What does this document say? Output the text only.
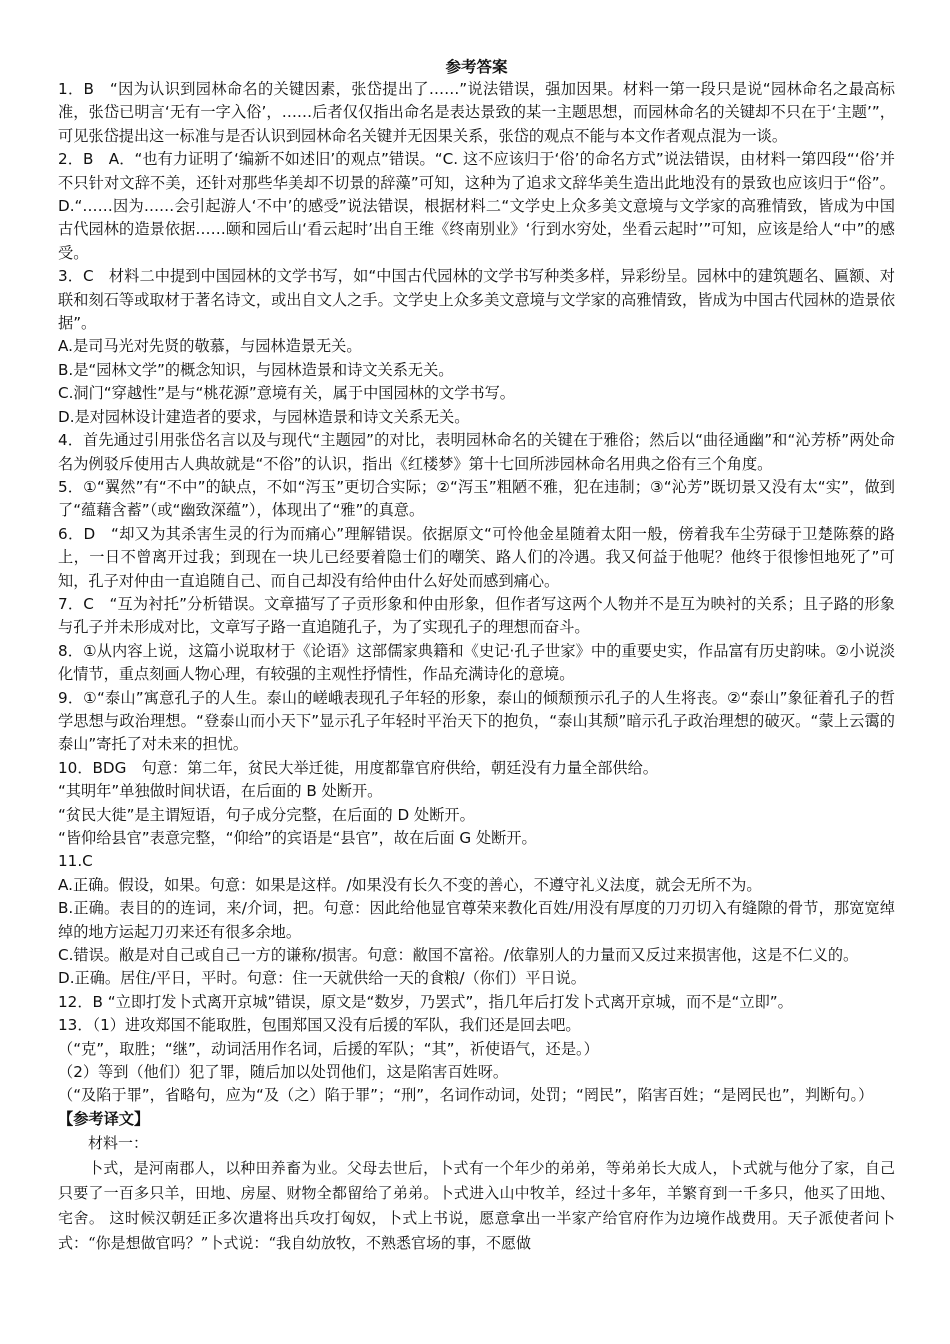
参考答案

1．B　“因为认识到园林命名的关键因素，张岱提出了……”说法错误，强加因果。材料一第一段只是说“园林命名之最高标准，张岱已明言‘无有一字入俗’，……后者仅仅指出命名是表达景致的某一主题思想，而园林命名的关键却不只在于‘主题’”，可见张岱提出这一标准与是否认识到园林命名关键并无因果关系，张岱的观点不能与本文作者观点混为一谈。

2．B　A．“也有力证明了‘编新不如述旧’的观点”错误。“C. 这不应该归于‘俗’的命名方式”说法错误，由材料一第四段“‘俗’并不只针对文辞不美，还针对那些华美却不切景的辞藻”可知，这种为了追求文辞华美生造出此地没有的景致也应该归于“俗”。 D.“……因为……会引起游人‘不中’的感受”说法错误，根据材料二“文学史上众多美文意境与文学家的高雅情致，皆成为中国古代园林的造景依据……颐和园后山‘看云起时’出自王维《终南别业》‘行到水穷处，坐看云起时’”可知，应该是给人“中”的感受。

3．C　材料二中提到中国园林的文学书写，如“中国古代园林的文学书写种类多样，异彩纷呈。园林中的建筑题名、匾额、对联和刻石等或取材于著名诗文，或出自文人之手。文学史上众多美文意境与文学家的高雅情致，皆成为中国古代园林的造景依据”。

A.是司马光对先贤的敬慕，与园林造景无关。

B.是“园林文学”的概念知识，与园林造景和诗文关系无关。

C.洞门“穿越性”是与“桃花源”意境有关，属于中国园林的文学书写。

D.是对园林设计建造者的要求，与园林造景和诗文关系无关。

4．首先通过引用张岱名言以及与现代“主题园”的对比，表明园林命名的关键在于雅俗；然后以“曲径通幽”和“沁芳桥”两处命名为例驳斥使用古人典故就是“不俗”的认识，指出《红楼梦》第十七回所涉园林命名用典之俗有三个角度。

5．①“翼然”有“不中”的缺点，不如“泻玉”更切合实际；②“泻玉”粗陋不雅，犯在违制；③“沁芳”既切景又没有太“实”，做到了“蕴藉含蓄”（或“幽致深蕴”），体现出了“雅”的真意。

6．D　“却又为其杀害生灵的行为而痛心”理解错误。依据原文“可怜他金星随着太阳一般，傍着我车尘劳碌于卫楚陈蔡的路上，一日不曾离开过我；到现在一块儿已经要着隐士们的嘲笑、路人们的冷遇。我又何益于他呢？他终于很惨怛地死了”可知，孔子对仲由一直追随自己、而自己却没有给仲由什么好处而感到痛心。

7．C　“互为衬托”分析错误。文章描写了子贡形象和仲由形象，但作者写这两个人物并不是互为映衬的关系；且子路的形象与孔子并未形成对比，文章写子路一直追随孔子，为了实现孔子的理想而奋斗。

8．①从内容上说，这篇小说取材于《论语》这部儒家典籍和《史记·孔子世家》中的重要史实，作品富有历史韵味。②小说淡化情节，重点刻画人物心理，有较强的主观性抒情性，作品充满诗化的意境。

9．①“泰山”寓意孔子的人生。泰山的嵯峨表现孔子年轻的形象，泰山的倾颓预示孔子的人生将丧。②“泰山”象征着孔子的哲学思想与政治理想。“登泰山而小天下”显示孔子年轻时平治天下的抱负，“泰山其颓”暗示孔子政治理想的破灭。“蒙上云霭的泰山”寄托了对未来的担忧。

10．BDG　句意：第二年，贫民大举迁徙，用度都靠官府供给，朝廷没有力量全部供给。

“其明年”单独做时间状语，在后面的 B 处断开。

“贫民大徙”是主谓短语，句子成分完整，在后面的 D 处断开。

“皆仰给县官”表意完整，“仰给”的宾语是“县官”，故在后面 G 处断开。

11.C

A.正确。假设，如果。句意：如果是这样。/如果没有长久不变的善心，不遵守礼义法度，就会无所不为。

B.正确。表目的的连词，来/介词，把。句意：因此给他显官尊荣来教化百姓/用没有厚度的刀刃切入有缝隙的骨节，那宽宽绰绰的地方运起刀刃来还有很多余地。

C.错误。敝是对自己或自己一方的谦称/损害。句意：敝国不富裕。/依靠别人的力量而又反过来损害他，这是不仁义的。

D.正确。居住/平日，平时。句意：住一天就供给一天的食粮/（你们）平日说。

12．B “立即打发卜式离开京城”错误，原文是“数岁，乃罢式”，指几年后打发卜式离开京城，而不是“立即”。

13．（1）进攻郑国不能取胜，包围郑国又没有后援的军队，我们还是回去吧。

（“克”，取胜；“继”，动词活用作名词，后援的军队；“其”，祈使语气，还是。）

（2）等到（他们）犯了罪，随后加以处罚他们，这是陷害百姓呀。

（“及陷于罪”，省略句，应为“及（之）陷于罪”；“刑”，名词作动词，处罚；“罔民”，陷害百姓；“是罔民也”，判断句。）

【参考译文】

材料一：

卜式，是河南郡人，以种田养畜为业。父母去世后，卜式有一个年少的弟弟，等弟弟长大成人，卜式就与他分了家，自己只要了一百多只羊，田地、房屋、财物全都留给了弟弟。卜式进入山中牧羊，经过十多年，羊繁育到一千多只，他买了田地、宅舍。 这时候汉朝廷正多次遣将出兵攻打匈奴，卜式上书说，愿意拿出一半家产给官府作为边境作战费用。天子派使者问卜式：“你是想做官吗？”卜式说：“我自幼放牧，不熟悉官场的事，不愿做
